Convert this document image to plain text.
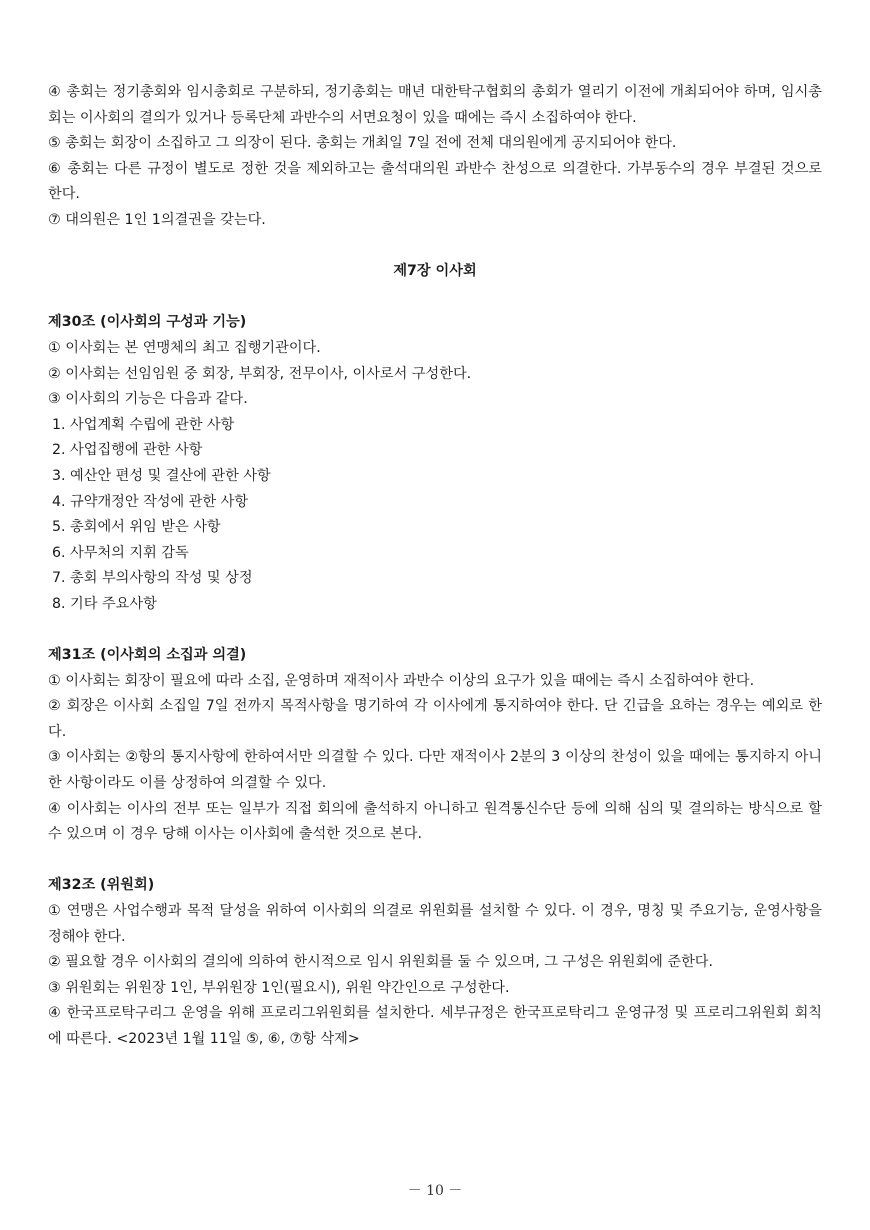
④ 총회는 정기총회와 임시총회로 구분하되, 정기총회는 매년 대한탁구협회의 총회가 열리기 이전에 개최되어야 하며, 임시총회는 이사회의 결의가 있거나 등록단체 과반수의 서면요청이 있을 때에는 즉시 소집하여야 한다.

⑤ 총회는 회장이 소집하고 그 의장이 된다. 총회는 개최일 7일 전에 전체 대의원에게 공지되어야 한다.

⑥ 총회는 다른 규정이 별도로 정한 것을 제외하고는 출석대의원 과반수 찬성으로 의결한다. 가부동수의 경우 부결된 것으로 한다.

⑦ 대의원은 1인 1의결권을 갖는다.

제7장 이사회

제30조 (이사회의 구성과 기능)

① 이사회는 본 연맹체의 최고 집행기관이다.

② 이사회는 선임임원 중 회장, 부회장, 전무이사, 이사로서 구성한다.

③ 이사회의 기능은 다음과 같다.

1. 사업계획 수립에 관한 사항

2. 사업집행에 관한 사항

3. 예산안 편성 및 결산에 관한 사항

4. 규약개정안 작성에 관한 사항

5. 총회에서 위임 받은 사항

6. 사무처의 지휘 감독

7. 총회 부의사항의 작성 및 상정

8. 기타 주요사항

제31조 (이사회의 소집과 의결)

① 이사회는 회장이 필요에 따라 소집, 운영하며 재적이사 과반수 이상의 요구가 있을 때에는 즉시 소집하여야 한다.

② 회장은 이사회 소집일 7일 전까지 목적사항을 명기하여 각 이사에게 통지하여야 한다. 단 긴급을 요하는 경우는 예외로 한다.

③ 이사회는 ②항의 통지사항에 한하여서만 의결할 수 있다. 다만 재적이사 2분의 3 이상의 찬성이 있을 때에는 통지하지 아니한 사항이라도 이를 상정하여 의결할 수 있다.

④ 이사회는 이사의 전부 또는 일부가 직접 회의에 출석하지 아니하고 원격통신수단 등에 의해 심의 및 결의하는 방식으로 할 수 있으며 이 경우 당해 이사는 이사회에 출석한 것으로 본다.

제32조 (위원회)

① 연맹은 사업수행과 목적 달성을 위하여 이사회의 의결로 위원회를 설치할 수 있다. 이 경우, 명칭 및 주요기능, 운영사항을 정해야 한다.

② 필요할 경우 이사회의 결의에 의하여 한시적으로 임시 위원회를 둘 수 있으며, 그 구성은 위원회에 준한다.

③ 위원회는 위원장 1인, 부위원장 1인(필요시), 위원 약간인으로 구성한다.

④ 한국프로탁구리그 운영을 위해 프로리그위원회를 설치한다. 세부규정은 한국프로탁리그 운영규정 및 프로리그위원회 회칙에 따른다. <2023년 1월 11일 ⑤, ⑥, ⑦항 삭제>

－ 10 －
